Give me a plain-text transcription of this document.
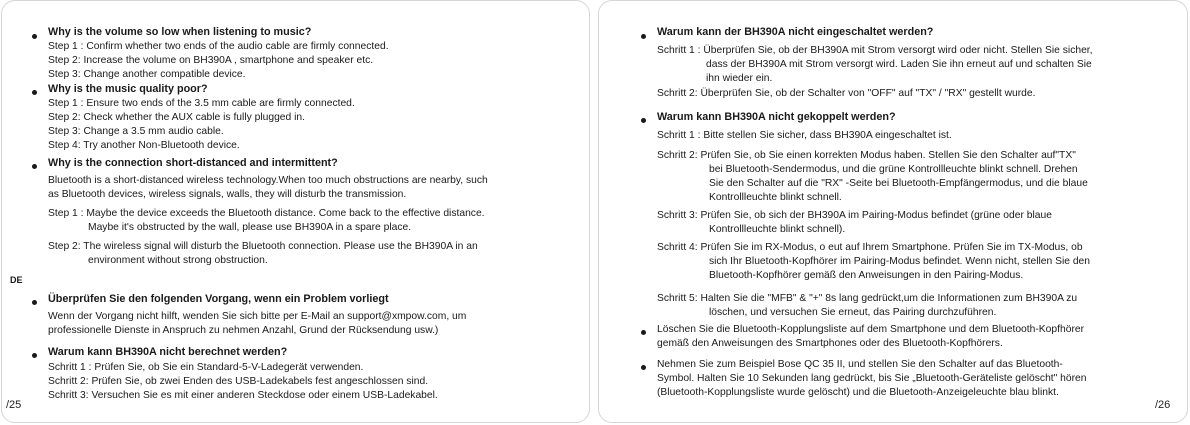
Why is the volume so low when listening to music?
Step 1 : Confirm whether two ends of the audio cable are firmly connected.
Step 2: Increase the volume on BH390A , smartphone and speaker etc.
Step 3: Change another compatible device.
Why is the music quality poor?
Step 1 : Ensure two ends of the 3.5 mm cable are firmly connected.
Step 2: Check whether the AUX cable is fully plugged in.
Step 3: Change a 3.5 mm audio cable.
Step 4: Try another Non-Bluetooth device.
Why is the connection short-distanced and intermittent?
Bluetooth is a short-distanced wireless technology.When too much obstructions are nearby, such
as Bluetooth devices, wireless signals, walls, they will disturb the transmission.
Step 1 : Maybe the device exceeds the Bluetooth distance. Come back to the effective distance.
Maybe it's obstructed by the wall, please use BH390A in a spare place.
Step 2: The wireless signal will disturb the Bluetooth connection. Please use the BH390A in an
environment without strong obstruction.
DE
Überprüfen Sie den folgenden Vorgang, wenn ein Problem vorliegt
Wenn der Vorgang nicht hilft, wenden Sie sich bitte per E-Mail an support@xmpow.com, um
professionelle Dienste in Anspruch zu nehmen Anzahl, Grund der Rücksendung usw.)
Warum kann BH390A nicht berechnet werden?
Schritt 1 : Prüfen Sie, ob Sie ein Standard-5-V-Ladegerät verwenden.
Schritt 2: Prüfen Sie, ob zwei Enden des USB-Ladekabels fest angeschlossen sind.
Schritt 3: Versuchen Sie es mit einer anderen Steckdose oder einem USB-Ladekabel.
/25
Warum kann der BH390A nicht eingeschaltet werden?
Schritt 1 : Überprüfen Sie, ob der BH390A mit Strom versorgt wird oder nicht. Stellen Sie sicher,
dass der BH390A mit Strom versorgt wird. Laden Sie ihn erneut auf und schalten Sie
ihn wieder ein.
Schritt 2: Überprüfen Sie, ob der Schalter von "OFF" auf "TX" / "RX" gestellt wurde.
Warum kann BH390A nicht gekoppelt werden?
Schritt 1 : Bitte stellen Sie sicher, dass BH390A eingeschaltet ist.
Schritt 2: Prüfen Sie, ob Sie einen korrekten Modus haben. Stellen Sie den Schalter auf"TX"
bei Bluetooth-Sendermodus, und die grüne Kontrollleuchte blinkt schnell. Drehen
Sie den Schalter auf die "RX" -Seite bei Bluetooth-Empfängermodus, und die blaue
Kontrollleuchte blinkt schnell.
Schritt 3: Prüfen Sie, ob sich der BH390A im Pairing-Modus befindet (grüne oder blaue
Kontrollleuchte blinkt schnell).
Schritt 4: Prüfen Sie im RX-Modus, o eut auf Ihrem Smartphone. Prüfen Sie im TX-Modus, ob
sich Ihr Bluetooth-Kopfhörer im Pairing-Modus befindet. Wenn nicht, stellen Sie den
Bluetooth-Kopfhörer gemäß den Anweisungen in den Pairing-Modus.
Schritt 5: Halten Sie die "MFB" & "+" 8s lang gedrückt,um die Informationen zum BH390A zu
löschen, und versuchen Sie erneut, das Pairing durchzuführen.
Löschen Sie die Bluetooth-Kopplungsliste auf dem Smartphone und dem Bluetooth-Kopfhörer
gemäß den Anweisungen des Smartphones oder des Bluetooth-Kopfhörers.
Nehmen Sie zum Beispiel Bose QC 35 II, und stellen Sie den Schalter auf das Bluetooth-
Symbol. Halten Sie 10 Sekunden lang gedrückt, bis Sie „Bluetooth-Geräteliste gelöscht" hören
(Bluetooth-Kopplungsliste wurde gelöscht) und die Bluetooth-Anzeigeleuchte blau blinkt.
/26
